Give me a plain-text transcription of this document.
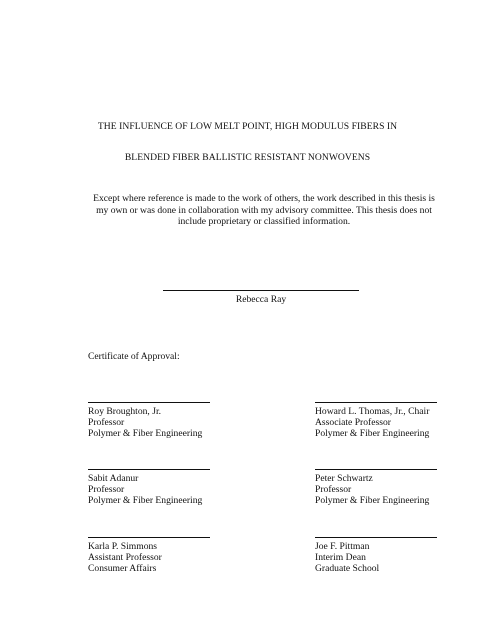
THE INFLUENCE OF LOW MELT POINT, HIGH MODULUS FIBERS IN
BLENDED FIBER BALLISTIC RESISTANT NONWOVENS
Except where reference is made to the work of others, the work described in this thesis is my own or was done in collaboration with my advisory committee. This thesis does not include proprietary or classified information.
Rebecca Ray
Certificate of Approval:
Roy Broughton, Jr.
Professor
Polymer & Fiber Engineering
Howard L. Thomas, Jr., Chair
Associate Professor
Polymer & Fiber Engineering
Sabit Adanur
Professor
Polymer & Fiber Engineering
Peter Schwartz
Professor
Polymer & Fiber Engineering
Karla P. Simmons
Assistant Professor
Consumer Affairs
Joe F. Pittman
Interim Dean
Graduate School
